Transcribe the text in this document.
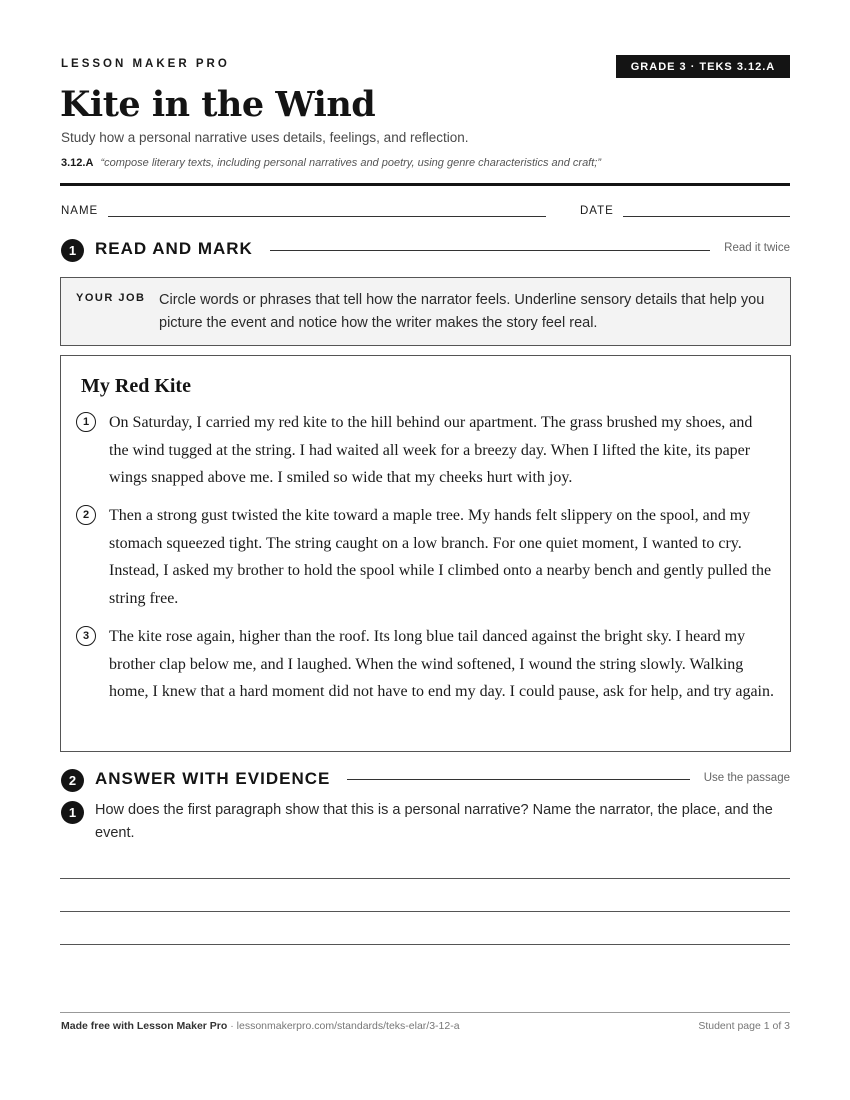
LESSON MAKER PRO	GRADE 3 · TEKS 3.12.A
Kite in the Wind
Study how a personal narrative uses details, feelings, and reflection.
3.12.A “compose literary texts, including personal narratives and poetry, using genre characteristics and craft;”
NAME	DATE
1	READ AND MARK	Read it twice
YOUR JOB Circle words or phrases that tell how the narrator feels. Underline sensory details that help you picture the event and notice how the writer makes the story feel real.
My Red Kite
1	On Saturday, I carried my red kite to the hill behind our apartment. The grass brushed my shoes, and the wind tugged at the string. I had waited all week for a breezy day. When I lifted the kite, its paper wings snapped above me. I smiled so wide that my cheeks hurt with joy.
2	Then a strong gust twisted the kite toward a maple tree. My hands felt slippery on the spool, and my stomach squeezed tight. The string caught on a low branch. For one quiet moment, I wanted to cry. Instead, I asked my brother to hold the spool while I climbed onto a nearby bench and gently pulled the string free.
3	The kite rose again, higher than the roof. Its long blue tail danced against the bright sky. I heard my brother clap below me, and I laughed. When the wind softened, I wound the string slowly. Walking home, I knew that a hard moment did not have to end my day. I could pause, ask for help, and try again.
2	ANSWER WITH EVIDENCE	Use the passage
1	How does the first paragraph show that this is a personal narrative? Name the narrator, the place, and the event.
Made free with Lesson Maker Pro · lessonmakerpro.com/standards/teks-elar/3-12-a	Student page 1 of 3
